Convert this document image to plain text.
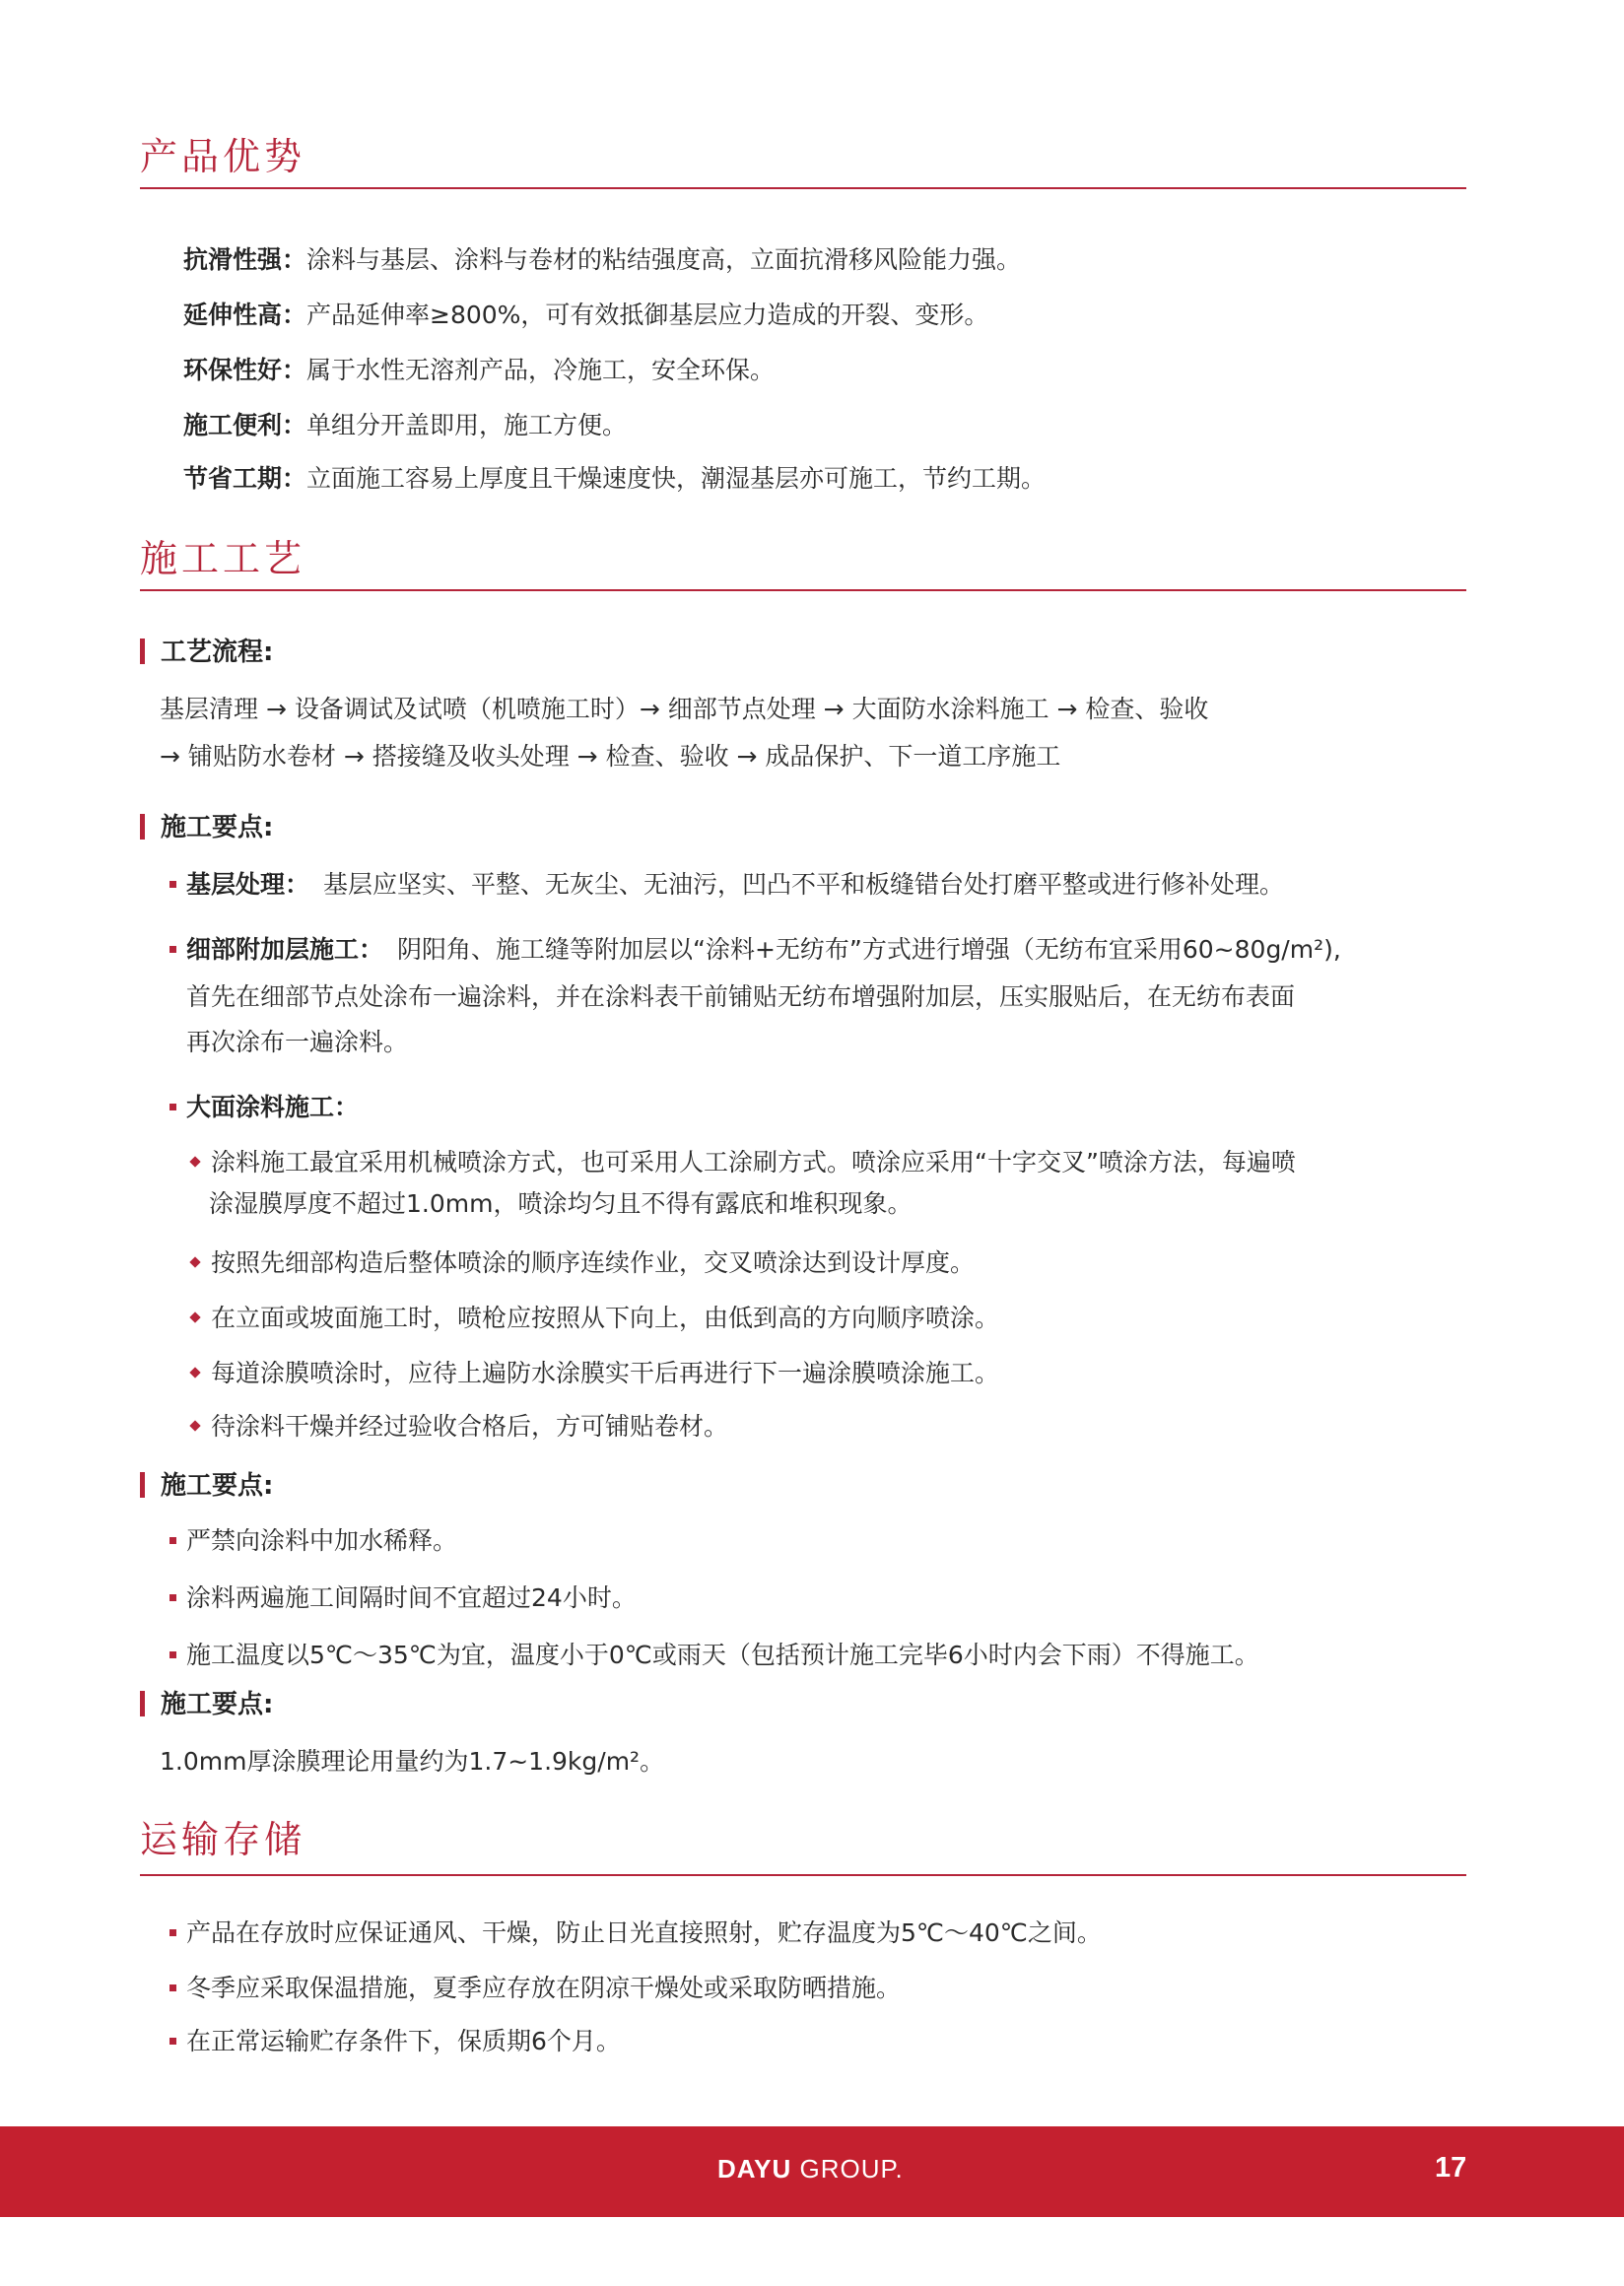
产品优势
抗滑性强：涂料与基层、涂料与卷材的粘结强度高，立面抗滑移风险能力强。
延伸性高：产品延伸率≥800%，可有效抵御基层应力造成的开裂、变形。
环保性好：属于水性无溶剂产品，冷施工，安全环保。
施工便利：单组分开盖即用，施工方便。
节省工期：立面施工容易上厚度且干燥速度快，潮湿基层亦可施工，节约工期。
施工工艺
工艺流程:
基层清理 → 设备调试及试喷（机喷施工时）→ 细部节点处理 → 大面防水涂料施工 → 检查、验收
→ 铺贴防水卷材 → 搭接缝及收头处理 → 检查、验收 → 成品保护、下一道工序施工
施工要点:
基层处理： 基层应坚实、平整、无灰尘、无油污，凹凸不平和板缝错台处打磨平整或进行修补处理。
细部附加层施工： 阴阳角、施工缝等附加层以“涂料+无纺布”方式进行增强（无纺布宜采用60~80g/m²),
首先在细部节点处涂布一遍涂料，并在涂料表干前铺贴无纺布增强附加层，压实服贴后，在无纺布表面
再次涂布一遍涂料。
大面涂料施工：
涂料施工最宜采用机械喷涂方式，也可采用人工涂刷方式。喷涂应采用“十字交叉”喷涂方法，每遍喷
涂湿膜厚度不超过1.0mm，喷涂均匀且不得有露底和堆积现象。
按照先细部构造后整体喷涂的顺序连续作业，交叉喷涂达到设计厚度。
在立面或坡面施工时，喷枪应按照从下向上，由低到高的方向顺序喷涂。
每道涂膜喷涂时，应待上遍防水涂膜实干后再进行下一遍涂膜喷涂施工。
待涂料干燥并经过验收合格后，方可铺贴卷材。
施工要点:
严禁向涂料中加水稀释。
涂料两遍施工间隔时间不宜超过24小时。
施工温度以5℃～35℃为宜，温度小于0℃或雨天（包括预计施工完毕6小时内会下雨）不得施工。
施工要点:
1.0mm厚涂膜理论用量约为1.7~1.9kg/m²。
运输存储
产品在存放时应保证通风、干燥，防止日光直接照射，贮存温度为5℃～40℃之间。
冬季应采取保温措施，夏季应存放在阴凉干燥处或采取防晒措施。
在正常运输贮存条件下，保质期6个月。
DAYU GROUP.	17
